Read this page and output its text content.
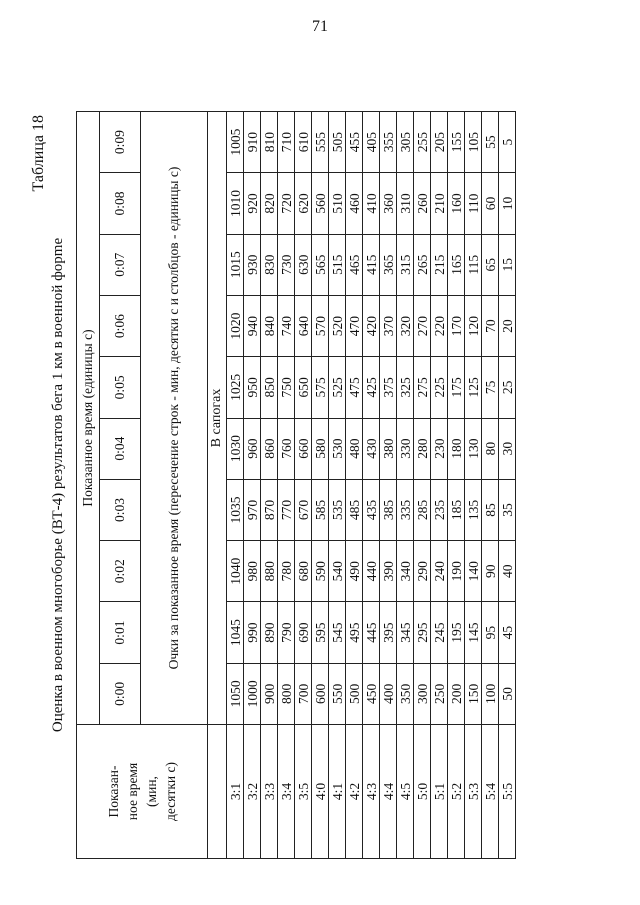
71
Таблица 18
Оценка в военном многоборье (ВТ-4) результатов бега 1 км в военной форme
Показан- ное время (мин, десятки с)	Показанное время (единицы с)									
	0:00	0:01	0:02	0:03	0:04	0:05	0:06	0:07	0:08	0:09
	Очки за показанное время (пересечение строк - мин, десятки с и столбцов - единицы с)									
	В сапогах									
3:1	1050	1045	1040	1035	1030	1025	1020	1015	1010	1005
3:2	1000	990	980	970	960	950	940	930	920	910
3:3	900	890	880	870	860	850	840	830	820	810
3:4	800	790	780	770	760	750	740	730	720	710
3:5	700	690	680	670	660	650	640	630	620	610
4:0	600	595	590	585	580	575	570	565	560	555
4:1	550	545	540	535	530	525	520	515	510	505
4:2	500	495	490	485	480	475	470	465	460	455
4:3	450	445	440	435	430	425	420	415	410	405
4:4	400	395	390	385	380	375	370	365	360	355
4:5	350	345	340	335	330	325	320	315	310	305
5:0	300	295	290	285	280	275	270	265	260	255
5:1	250	245	240	235	230	225	220	215	210	205
5:2	200	195	190	185	180	175	170	165	160	155
5:3	150	145	140	135	130	125	120	115	110	105
5:4	100	95	90	85	80	75	70	65	60	55
5:5	50	45	40	35	30	25	20	15	10	5
